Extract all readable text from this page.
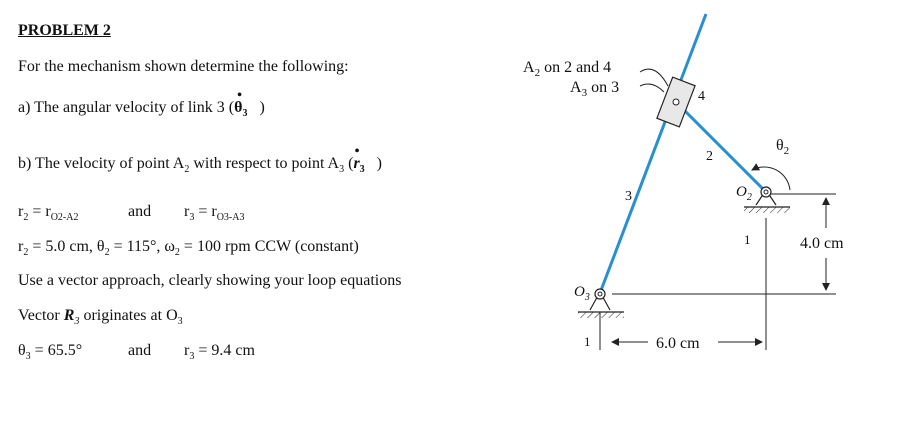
PROBLEM 2
For the mechanism shown determine the following:
a) The angular velocity of link 3 (θ
•
$_3$ )
b) The velocity of point $A_2$ with respect to point $A_3$ (r
•
$_3$ )
$r_2 = r_{O2-A2}$	and $r_3 = r_{O3-A3}$
$r_2 = 5.0$ cm, $\theta_2 = 115^\circ$, $\omega_2 = 100$ rpm CCW (constant)
Use a vector approach, clearly showing your loop equations
Vector $R_3$ originates at $O_3$
$\theta_3 = 65.5^\circ$	and $r_3 = 9.4$ cm
$A_2$ on 2 and 4
$A_3$ on 3
4
2
3
$\theta_2$
$O_2$
$O_3$
1
1	6.0 cm
4.0 cm
